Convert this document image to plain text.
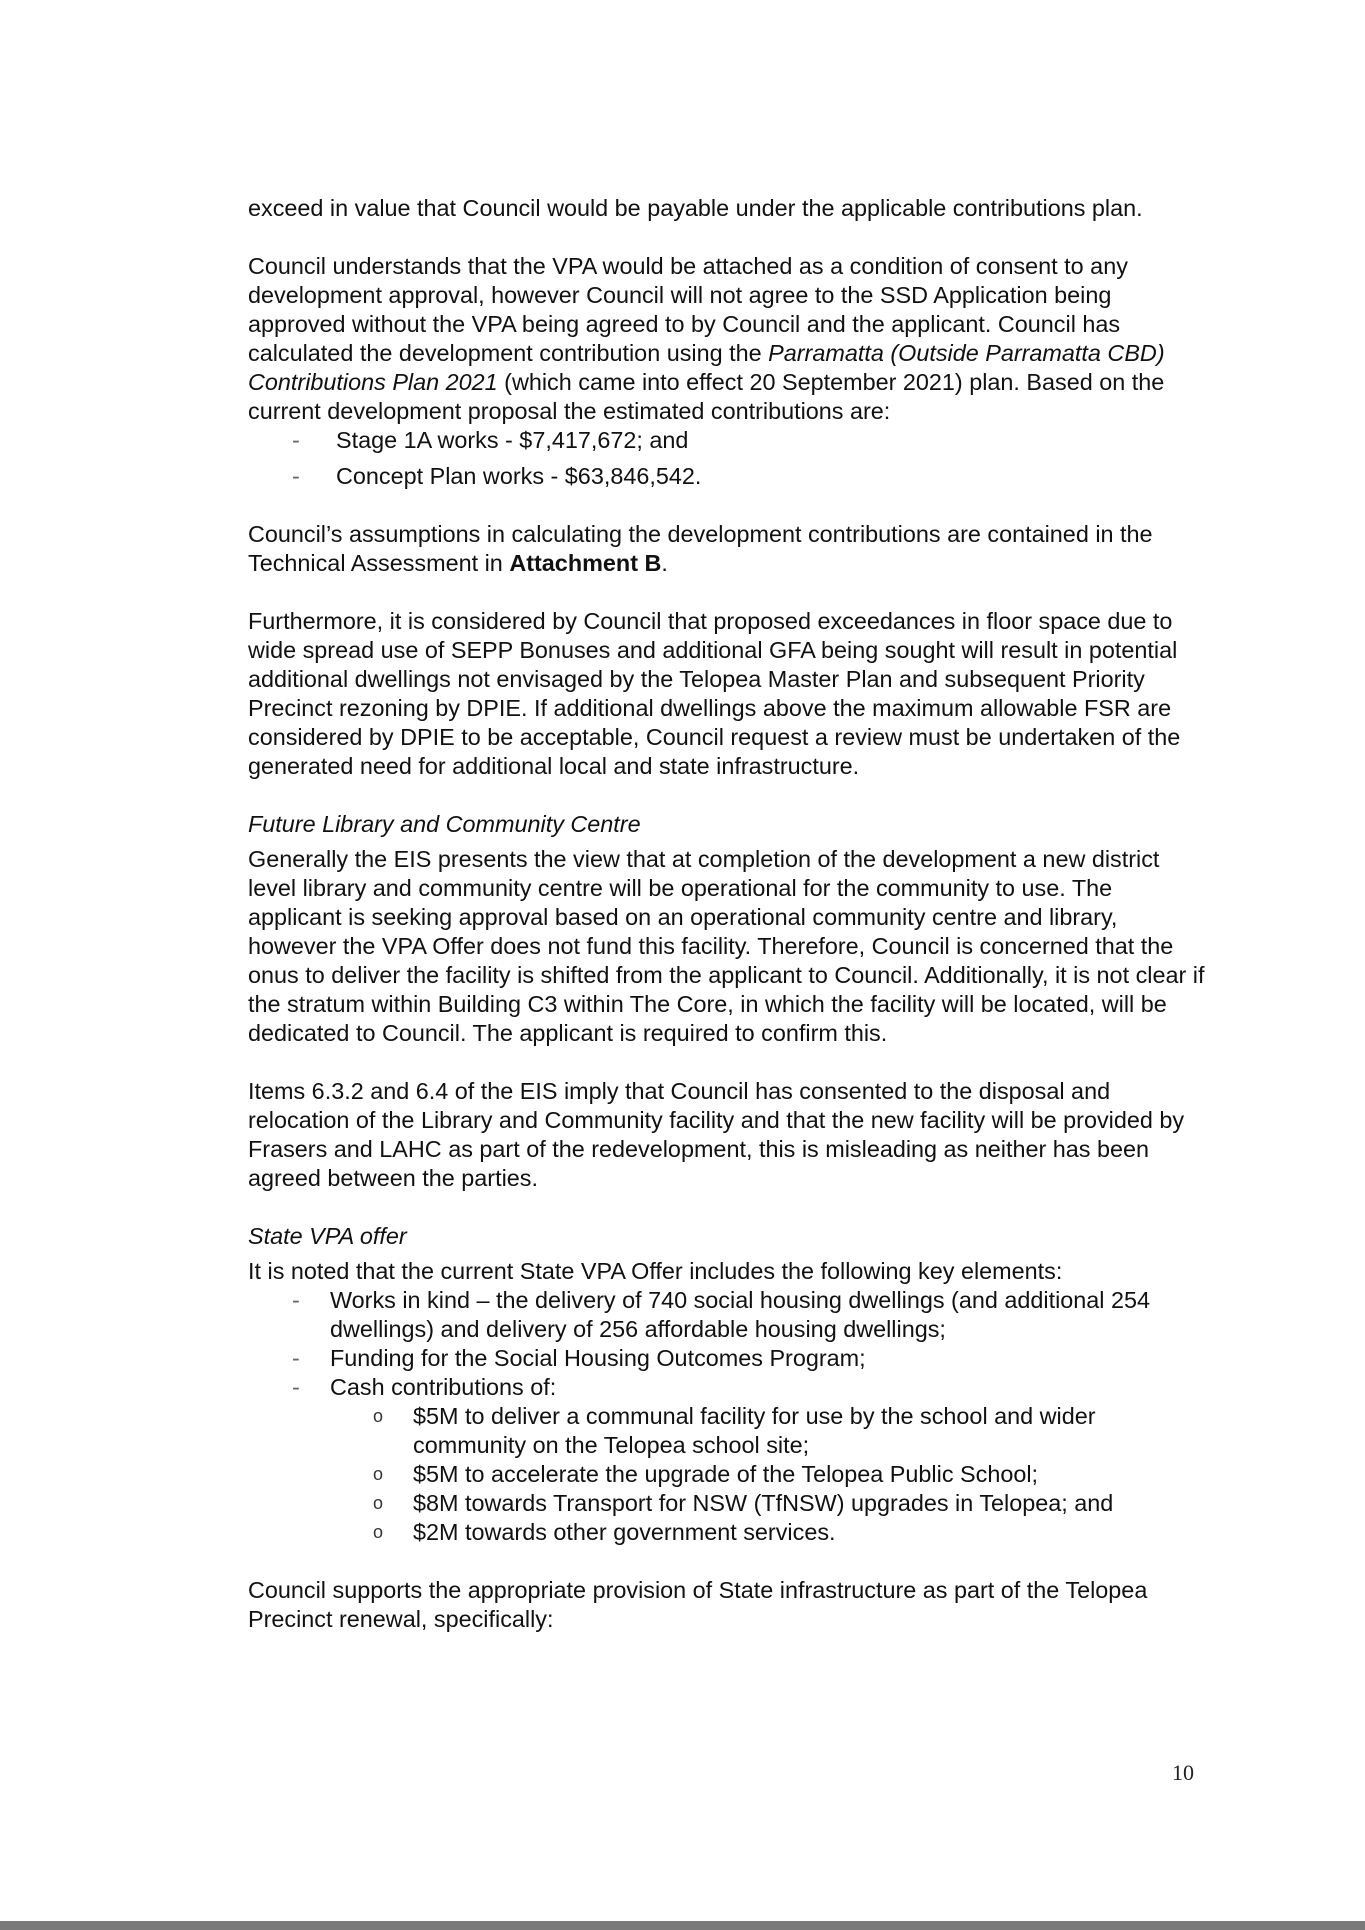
exceed in value that Council would be payable under the applicable contributions plan.

Council understands that the VPA would be attached as a condition of consent to any development approval, however Council will not agree to the SSD Application being approved without the VPA being agreed to by Council and the applicant. Council has calculated the development contribution using the Parramatta (Outside Parramatta CBD) Contributions Plan 2021 (which came into effect 20 September 2021) plan. Based on the current development proposal the estimated contributions are:

- Stage 1A works - $7,417,672; and
- Concept Plan works - $63,846,542.

Council’s assumptions in calculating the development contributions are contained in the Technical Assessment in Attachment B.

Furthermore, it is considered by Council that proposed exceedances in floor space due to wide spread use of SEPP Bonuses and additional GFA being sought will result in potential additional dwellings not envisaged by the Telopea Master Plan and subsequent Priority Precinct rezoning by DPIE. If additional dwellings above the maximum allowable FSR are considered by DPIE to be acceptable, Council request a review must be undertaken of the generated need for additional local and state infrastructure.

Future Library and Community Centre

Generally the EIS presents the view that at completion of the development a new district level library and community centre will be operational for the community to use. The applicant is seeking approval based on an operational community centre and library, however the VPA Offer does not fund this facility. Therefore, Council is concerned that the onus to deliver the facility is shifted from the applicant to Council. Additionally, it is not clear if the stratum within Building C3 within The Core, in which the facility will be located, will be dedicated to Council. The applicant is required to confirm this.

Items 6.3.2 and 6.4 of the EIS imply that Council has consented to the disposal and relocation of the Library and Community facility and that the new facility will be provided by Frasers and LAHC as part of the redevelopment, this is misleading as neither has been agreed between the parties.

State VPA offer

It is noted that the current State VPA Offer includes the following key elements:

- Works in kind – the delivery of 740 social housing dwellings (and additional 254 dwellings) and delivery of 256 affordable housing dwellings;
- Funding for the Social Housing Outcomes Program;
- Cash contributions of:
o $5M to deliver a communal facility for use by the school and wider community on the Telopea school site;
o $5M to accelerate the upgrade of the Telopea Public School;
o $8M towards Transport for NSW (TfNSW) upgrades in Telopea; and
o $2M towards other government services.

Council supports the appropriate provision of State infrastructure as part of the Telopea Precinct renewal, specifically:

10
